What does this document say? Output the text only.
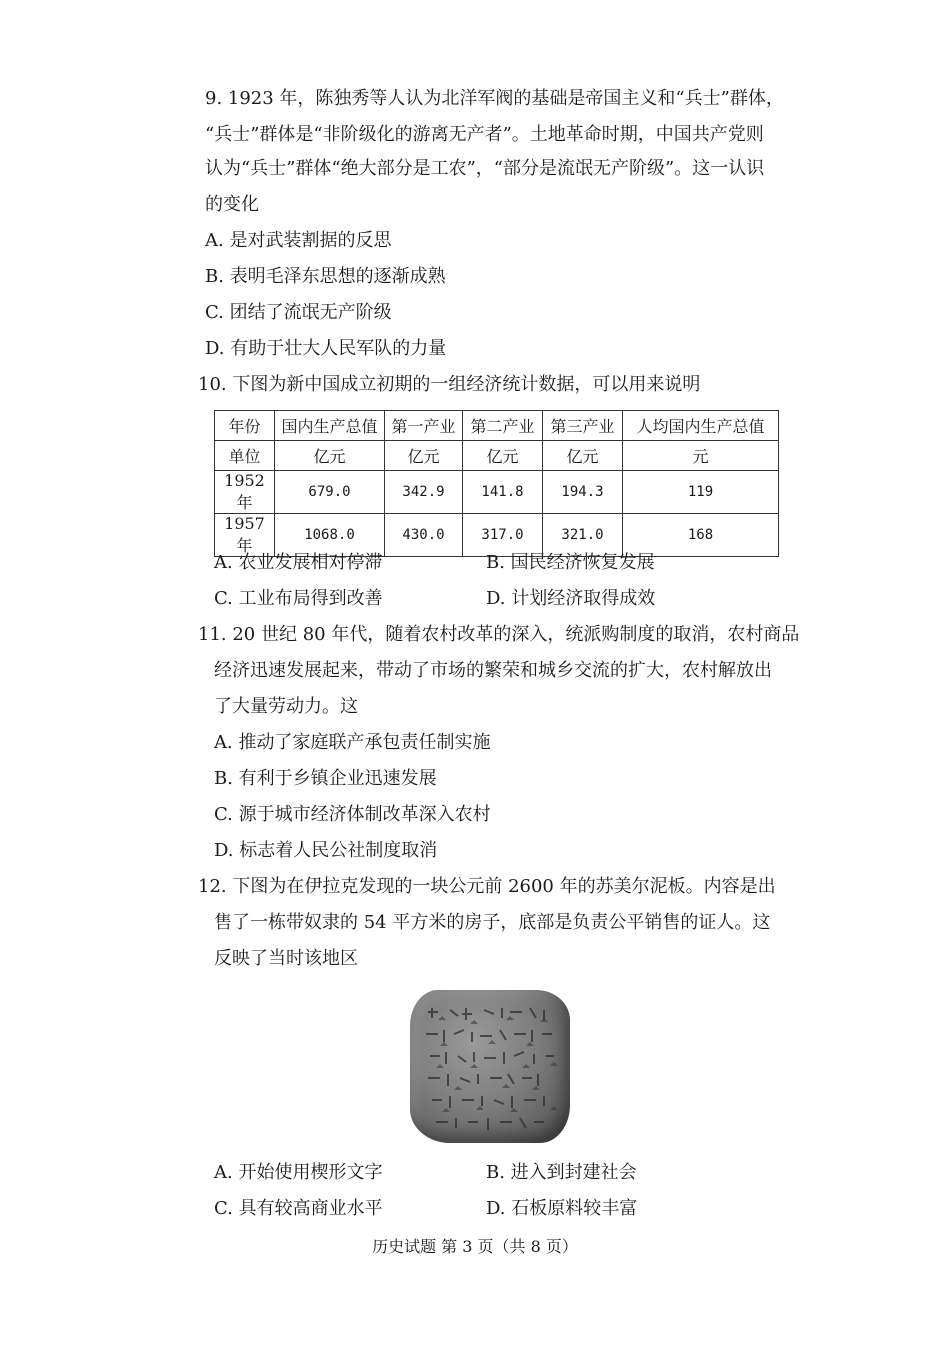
9. 1923 年，陈独秀等人认为北洋军阀的基础是帝国主义和“兵士”群体，
“兵士”群体是“非阶级化的游离无产者”。土地革命时期，中国共产党则
认为“兵士”群体“绝大部分是工农”，“部分是流氓无产阶级”。这一认识
的变化
A. 是对武装割据的反思
B. 表明毛泽东思想的逐渐成熟
C. 团结了流氓无产阶级
D. 有助于壮大人民军队的力量
10. 下图为新中国成立初期的一组经济统计数据，可以用来说明
年份	国内生产总值	第一产业	第二产业	第三产业	人均国内生产总值
单位	亿元	亿元	亿元	亿元	元
1952 年	679.0	342.9	141.8	194.3	119
1957 年	1068.0	430.0	317.0	321.0	168
A. 农业发展相对停滞	B. 国民经济恢复发展
C. 工业布局得到改善	D. 计划经济取得成效
11. 20 世纪 80 年代，随着农村改革的深入，统派购制度的取消，农村商品
经济迅速发展起来，带动了市场的繁荣和城乡交流的扩大，农村解放出
了大量劳动力。这
A. 推动了家庭联产承包责任制实施
B. 有利于乡镇企业迅速发展
C. 源于城市经济体制改革深入农村
D. 标志着人民公社制度取消
12. 下图为在伊拉克发现的一块公元前 2600 年的苏美尔泥板。内容是出
售了一栋带奴隶的 54 平方米的房子，底部是负责公平销售的证人。这
反映了当时该地区
A. 开始使用楔形文字	B. 进入到封建社会
C. 具有较高商业水平	D. 石板原料较丰富
历史试题 第 3 页（共 8 页）
